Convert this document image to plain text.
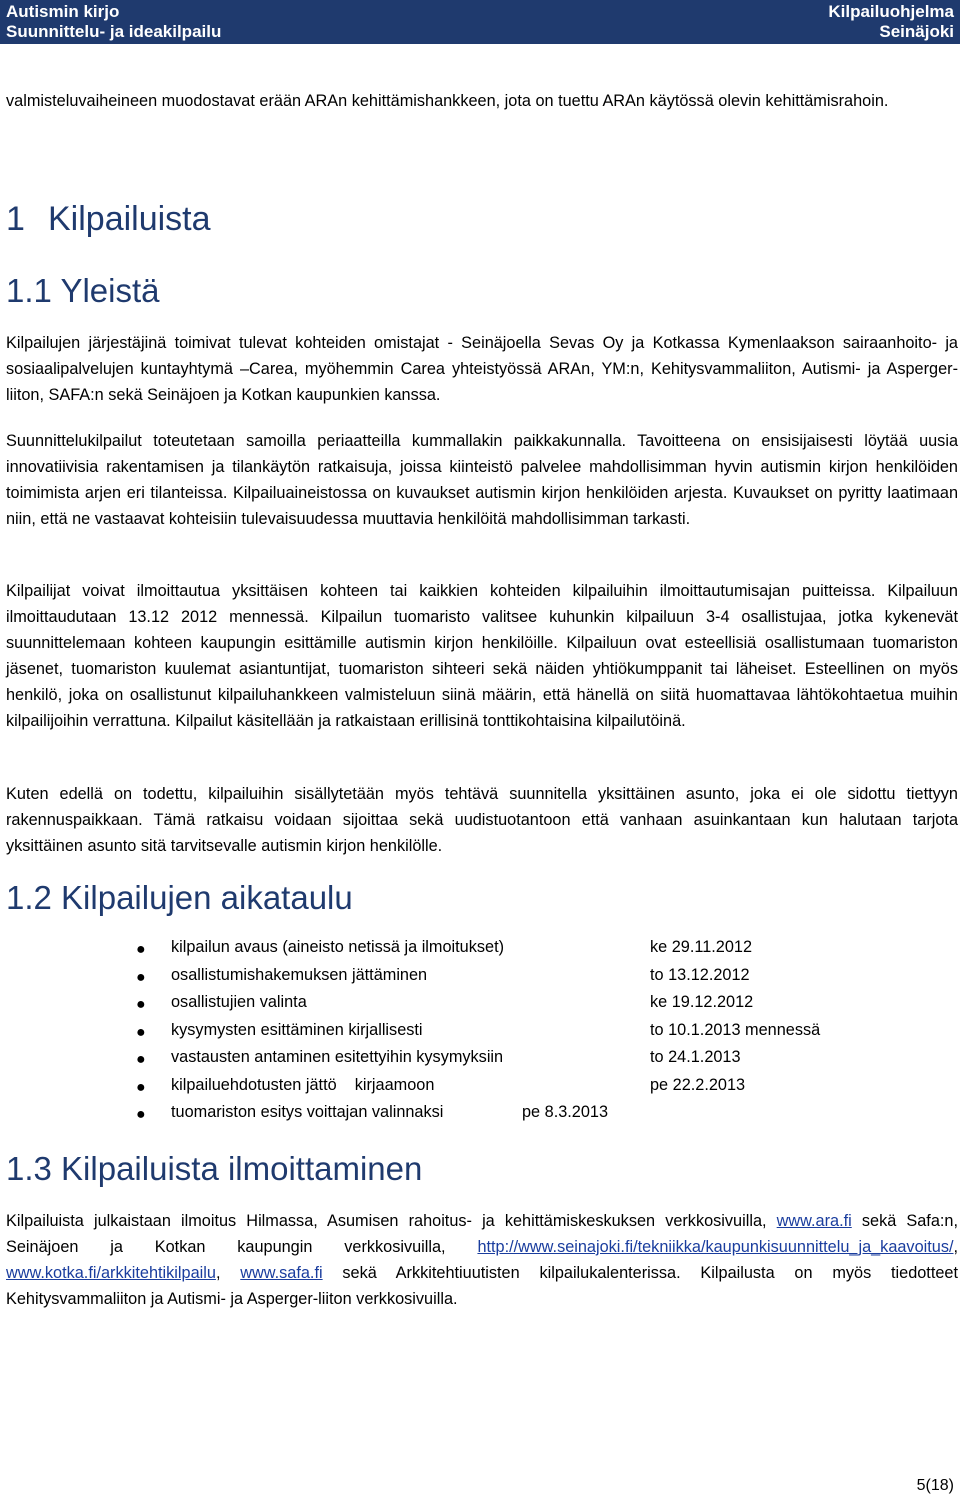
Autismin kirjo
Suunnittelu- ja ideakilpailu
Kilpailuohjelma
Seinäjoki

valmisteluvaiheineen muodostavat erään ARAn kehittämishankkeen, jota on tuettu ARAn käytössä olevin kehittämisrahoin.

1 Kilpailuista
1.1 Yleistä

Kilpailujen järjestäjinä toimivat tulevat kohteiden omistajat - Seinäjoella Sevas Oy ja Kotkassa Kymenlaakson sairaanhoito- ja sosiaalipalvelujen kuntayhtymä –Carea, myöhemmin Carea yhteistyössä ARAn, YM:n, Kehitysvammaliiton, Autismi- ja Asperger-liiton, SAFA:n sekä Seinäjoen ja Kotkan kaupunkien kanssa.

Suunnittelukilpailut toteutetaan samoilla periaatteilla kummallakin paikkakunnalla. Tavoitteena on ensisijaisesti löytää uusia innovatiivisia rakentamisen ja tilankäytön ratkaisuja, joissa kiinteistö palvelee mahdollisimman hyvin autismin kirjon henkilöiden toimimista arjen eri tilanteissa. Kilpailuaineistossa on kuvaukset autismin kirjon henkilöiden arjesta. Kuvaukset on pyritty laatimaan niin, että ne vastaavat kohteisiin tulevaisuudessa muuttavia henkilöitä mahdollisimman tarkasti.

Kilpailijat voivat ilmoittautua yksittäisen kohteen tai kaikkien kohteiden kilpailuihin ilmoittautumisajan puitteissa. Kilpailuun ilmoittaudutaan 13.12 2012 mennessä. Kilpailun tuomaristo valitsee kuhunkin kilpailuun 3-4 osallistujaa, jotka kykenevät suunnittelemaan kohteen kaupungin esittämille autismin kirjon henkilöille. Kilpailuun ovat esteellisiä osallistumaan tuomariston jäsenet, tuomariston kuulemat asiantuntijat, tuomariston sihteeri sekä näiden yhtiökumppanit tai läheiset. Esteellinen on myös henkilö, joka on osallistunut kilpailuhankkeen valmisteluun siinä määrin, että hänellä on siitä huomattavaa lähtökohtaetua muihin kilpailijoihin verrattuna. Kilpailut käsitellään ja ratkaistaan erillisinä tonttikohtaisina kilpailutöinä.

Kuten edellä on todettu, kilpailuihin sisällytetään myös tehtävä suunnitella yksittäinen asunto, joka ei ole sidottu tiettyyn rakennuspaikkaan. Tämä ratkaisu voidaan sijoittaa sekä uudistuotantoon että vanhaan asuinkantaan kun halutaan tarjota yksittäinen asunto sitä tarvitsevalle autismin kirjon henkilölle.

1.2 Kilpailujen aikataulu
● kilpailun avaus (aineisto netissä ja ilmoitukset)	ke 29.11.2012
● osallistumishakemuksen jättäminen	to 13.12.2012
● osallistujien valinta	ke 19.12.2012
● kysymysten esittäminen kirjallisesti	to 10.1.2013 mennessä
● vastausten antaminen esitettyihin kysymyksiin	to 24.1.2013
● kilpailuehdotusten jättö    kirjaamoon	pe 22.2.2013
● tuomariston esitys voittajan valinnaksi	pe 8.3.2013
1.3 Kilpailuista ilmoittaminen

Kilpailuista julkaistaan ilmoitus Hilmassa, Asumisen rahoitus- ja kehittämiskeskuksen verkkosivuilla, www.ara.fi sekä Safa:n, Seinäjoen ja Kotkan kaupungin verkkosivuilla, http://www.seinajoki.fi/tekniikka/kaupunkisuunnittelu_ja_kaavoitus/, www.kotka.fi/arkkitehtikilpailu, www.safa.fi sekä Arkkitehtiuutisten kilpailukalenterissa. Kilpailusta on myös tiedotteet Kehitysvammaliiton ja Autismi- ja Asperger-liiton verkkosivuilla.

5(18)
